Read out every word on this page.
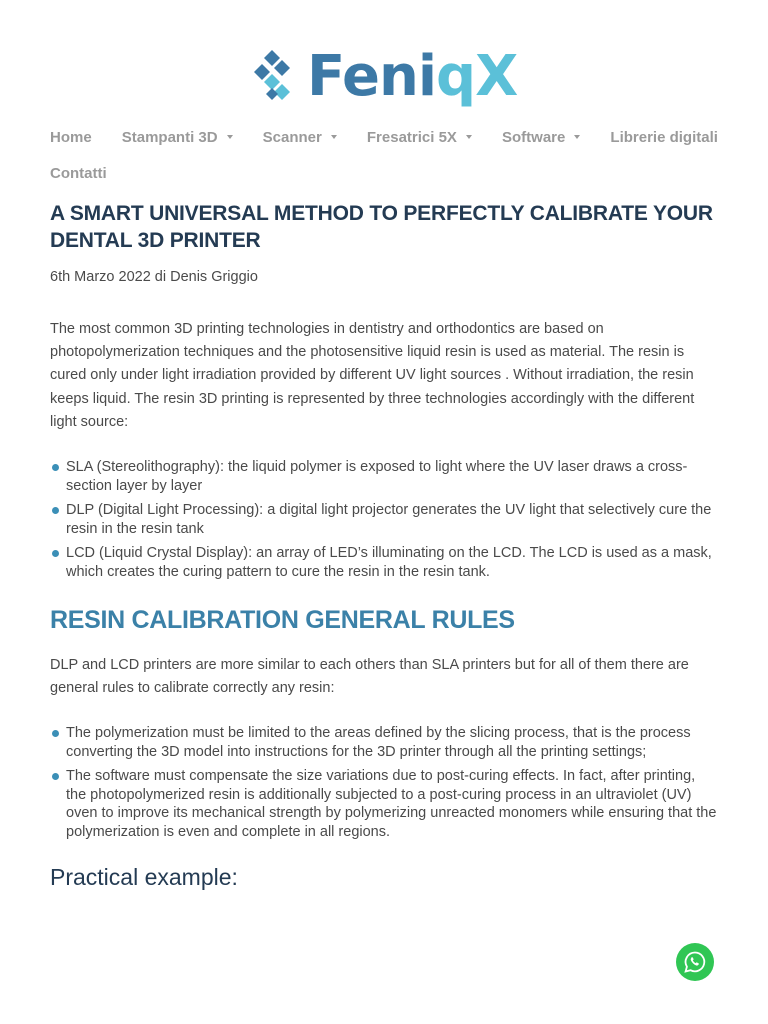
FeniqX
Home Stampanti 3D	Scanner	Fresatrici 5X	Software	Librerie digitali
Contatti
A SMART UNIVERSAL METHOD TO PERFECTLY CALIBRATE YOUR DENTAL 3D PRINTER
6th Marzo 2022 di Denis Griggio

The most common 3D printing technologies in dentistry and orthodontics are based on photopolymerization techniques and the photosensitive liquid resin is used as material. The resin is cured only under light irradiation provided by different UV light sources . Without irradiation, the resin keeps liquid. The resin 3D printing is represented by three technologies accordingly with the different light source:

SLA (Stereolithography): the liquid polymer is exposed to light where the UV laser draws a cross-section layer by layer
DLP (Digital Light Processing): a digital light projector generates the UV light that selectively cure the resin in the resin tank
LCD (Liquid Crystal Display): an array of LED’s illuminating on the LCD. The LCD is used as a mask, which creates the curing pattern to cure the resin in the resin tank.
RESIN CALIBRATION GENERAL RULES

DLP and LCD printers are more similar to each others than SLA printers but for all of them there are general rules to calibrate correctly any resin:

The polymerization must be limited to the areas defined by the slicing process, that is the process converting the 3D model into instructions for the 3D printer through all the printing settings;
The software must compensate the size variations due to post-curing effects. In fact, after printing, the photopolymerized resin is additionally subjected to a post-curing process in an ultraviolet (UV) oven to improve its mechanical strength by polymerizing unreacted monomers while ensuring that the polymerization is even and complete in all regions.
Practical example:
